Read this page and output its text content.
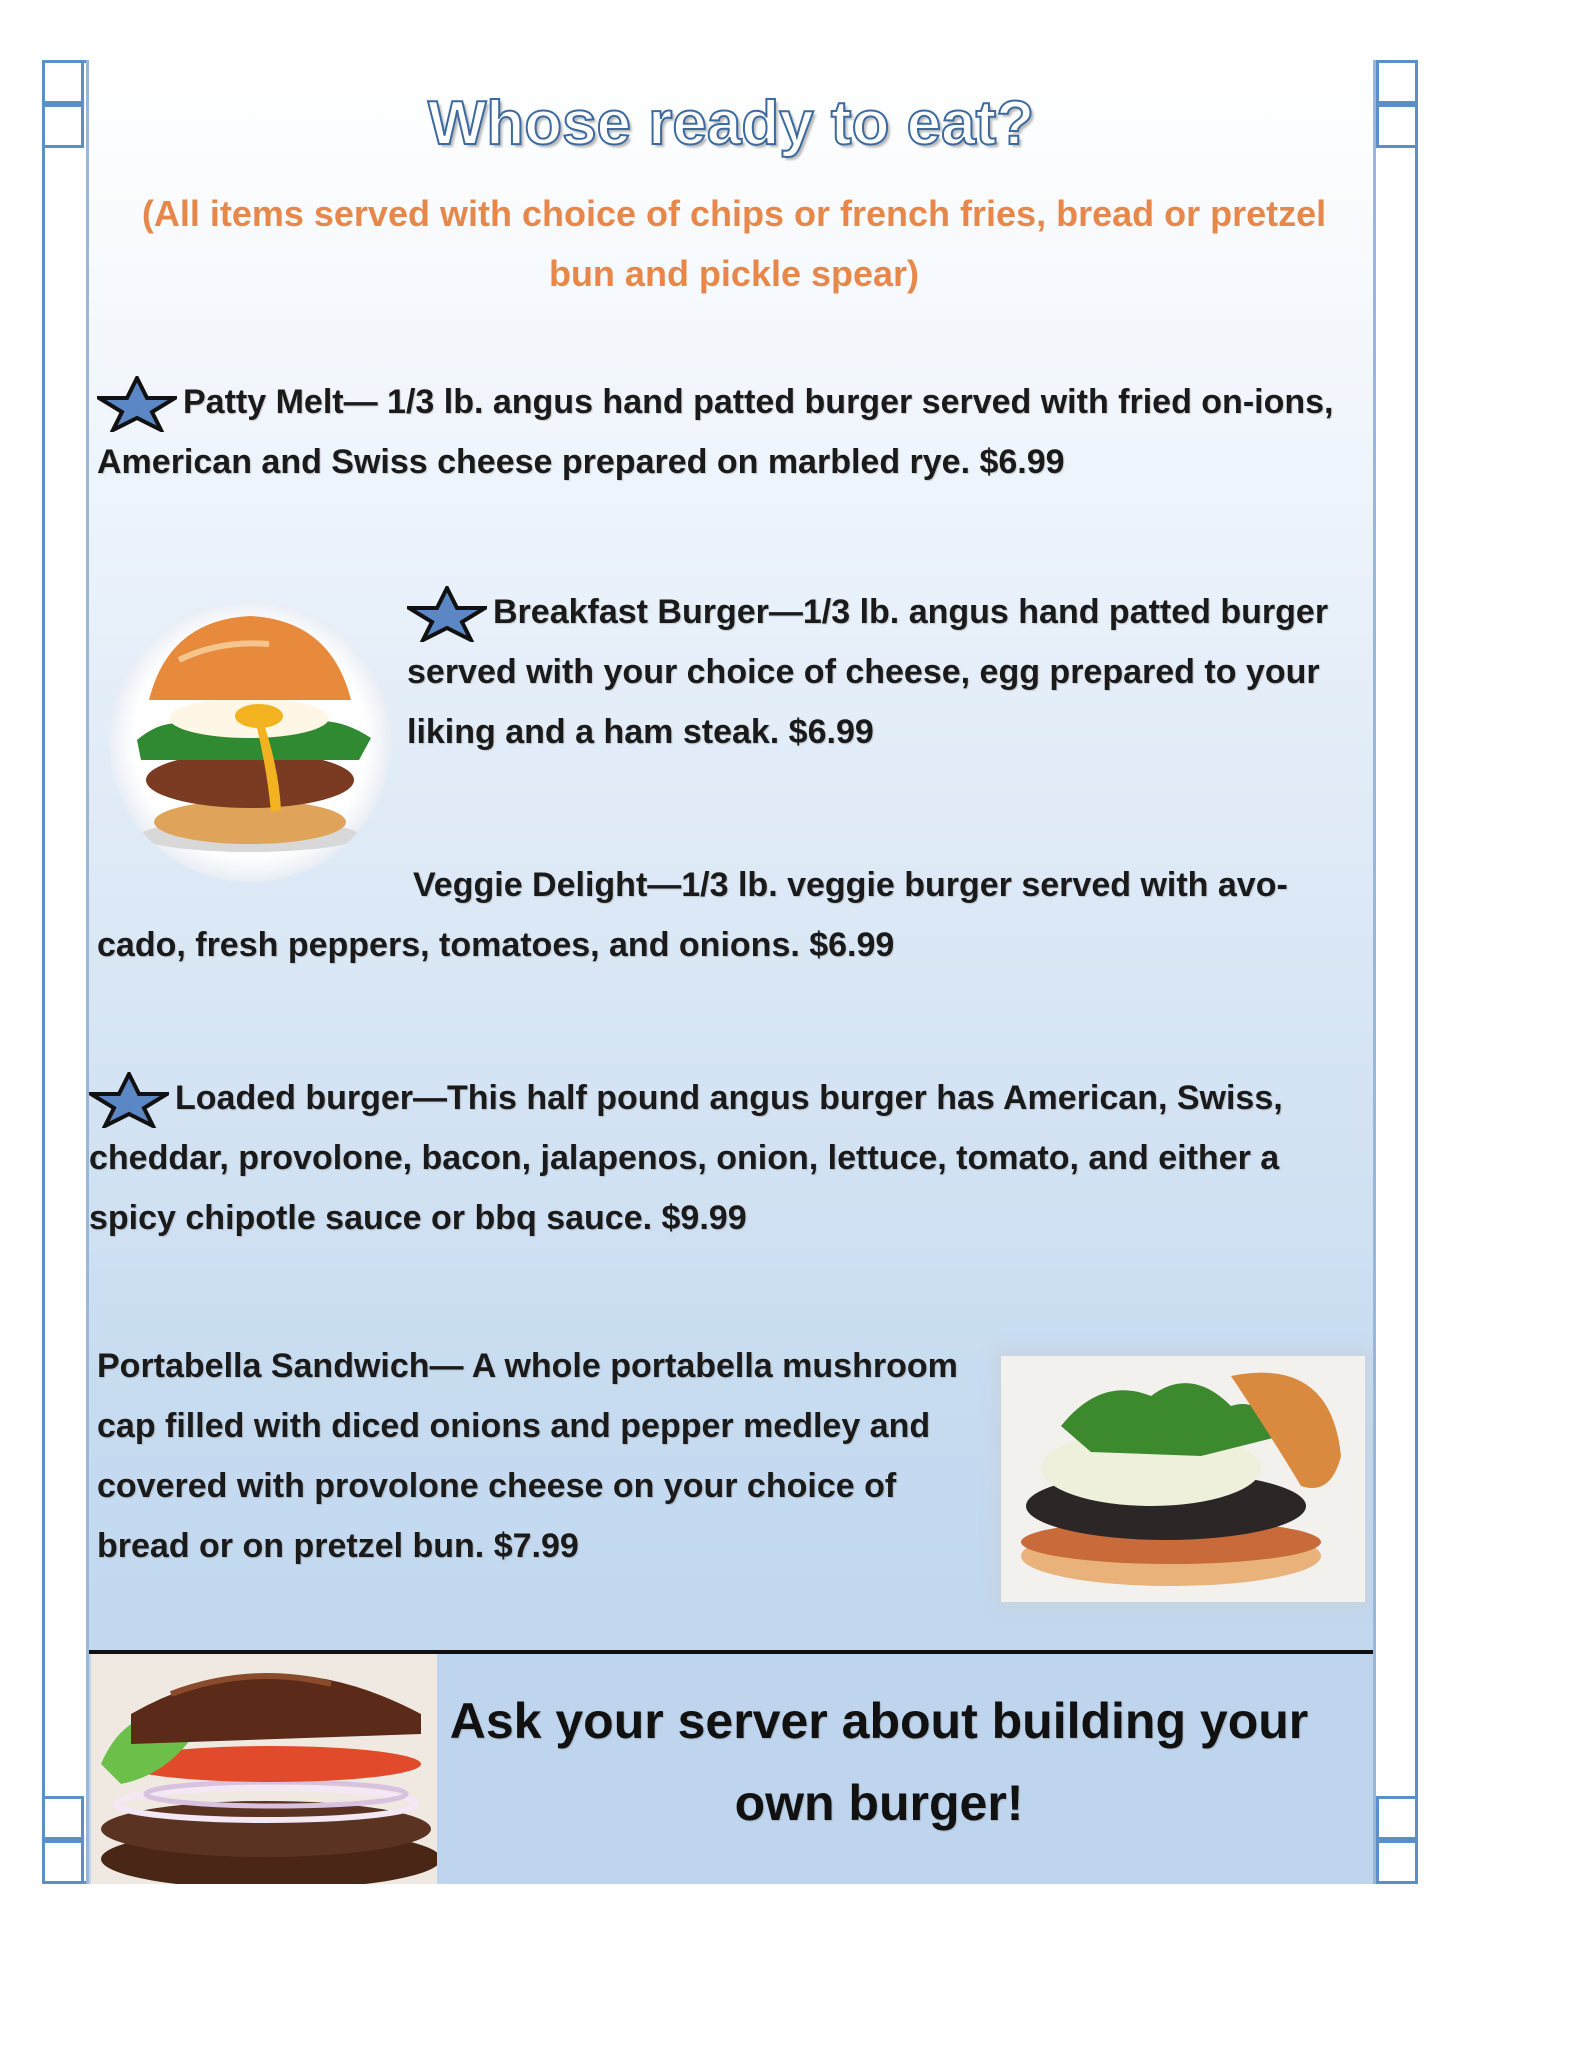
Whose ready to eat?
(All items served with choice of chips or french fries, bread or pretzel bun and pickle spear)
Patty Melt— 1/3 lb. angus hand patted burger served with fried on-ions, American and Swiss cheese prepared on marbled rye. $6.99
Breakfast Burger—1/3 lb. angus hand patted burger served with your choice of cheese, egg prepared to your liking and a ham steak. $6.99
Veggie Delight—1/3 lb. veggie burger served with avo-cado, fresh peppers, tomatoes, and onions. $6.99
Loaded burger—This half pound angus burger has American, Swiss, cheddar, provolone, bacon, jalapenos, onion, lettuce, tomato, and either a spicy chipotle sauce or bbq sauce. $9.99
Portabella Sandwich— A whole portabella mushroom cap filled with diced onions and pepper medley and covered with provolone cheese on your choice of bread or on pretzel bun. $7.99
Ask your server about building your own burger!
